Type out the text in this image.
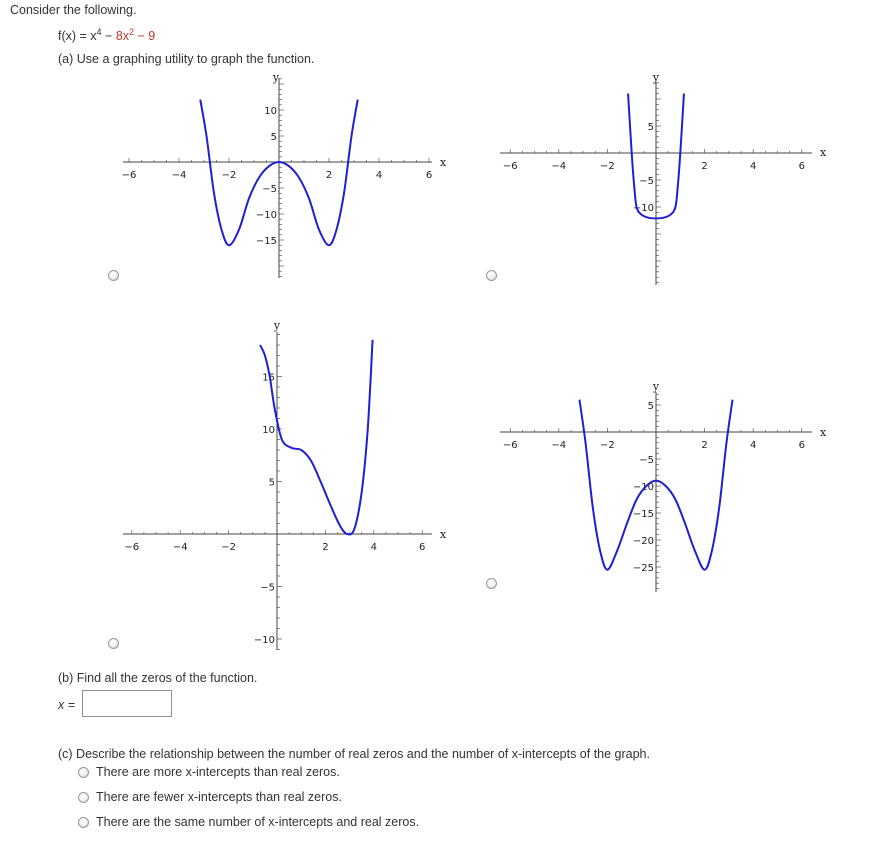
Consider the following.
$f(x) = x^4 - 8x^2 - 9$
(a) Use a graphing utility to graph the function.
−6	−4	−2	2	4	6
10
5
−5
−10
−15
x
y
−6	−4	−2	2	4	6
5
−5
−10
x
y
−6	−4	−2	2	4	6
15
10
5
−5
−10
x
y
−6	−4	−2	2	4	6
5
−5
−10
−15
−20
−25
x
y
(b) Find all the zeros of the function.
x =
(c) Describe the relationship between the number of real zeros and the number of x-intercepts of the graph.
There are more x-intercepts than real zeros.
There are fewer x-intercepts than real zeros.
There are the same number of x-intercepts and real zeros.
